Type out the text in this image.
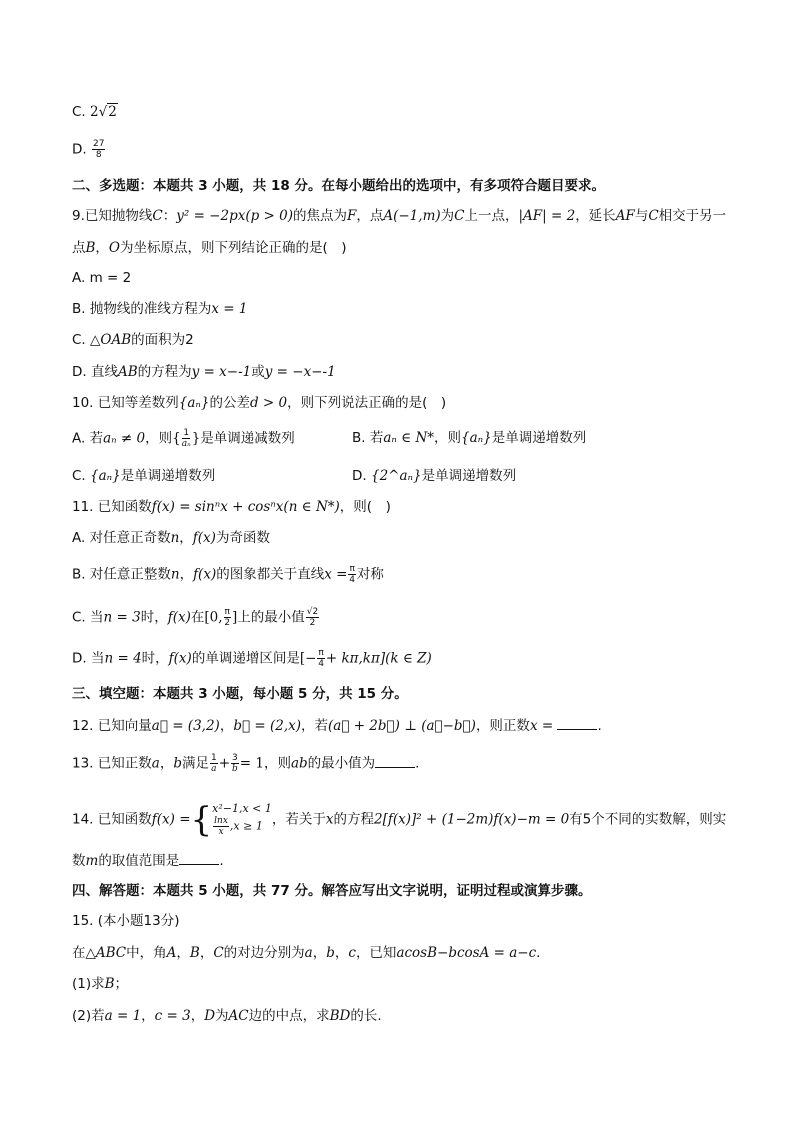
C. 2√2
D. $\frac{27}{8}$
二、多选题：本题共 3 小题，共 18 分。在每小题给出的选项中，有多项符合题目要求。
9.已知抛物线C：y² = −2px(p > 0)的焦点为F，点A(−1,m)为C上一点，|AF| = 2，延长AF与C相交于另一
点B，O为坐标原点，则下列结论正确的是(　)
A. m = 2
B. 抛物线的准线方程为x = 1
C. △OAB的面积为2
D. 直线AB的方程为y = x−-1或y = −x−-1
10. 已知等差数列{aₙ}的公差d > 0，则下列说法正确的是(　)
A. 若aₙ ≠ 0，则{ $\frac{1}{\text{aₙ}}$ }是单调递减数列	B. 若aₙ ∈ N*，则{aₙ}是单调递增数列
C. {aₙ}是单调递增数列	D. {2^aₙ}是单调递增数列
11. 已知函数f(x) = sinⁿx + cosⁿx(n ∈ N*)，则(　)
A. 对任意正奇数n，f(x)为奇函数
B. 对任意正整数n，f(x)的图象都关于直线$x = \frac{\pi}{4}$ 对称
C. 当n = 3时，f(x)在[0, $\frac{\pi}{2}$ ]上的最小值 $\frac{√2}{2}$
D. 当n = 4时，f(x)的单调递增区间是[− $\frac{\pi}{4} + k\pi,k\pi](k$ ∈ Z)
三、填空题：本题共 3 小题，每小题 5 分，共 15 分。
12. 已知向量a⃗ = (3,2)，b⃗ = (2,x)，若(a⃗ + 2b⃗) ⊥ (a⃗−b⃗)，则正数x =	.
13. 已知正数a，b满足 $\frac{1}{a} + \frac{3}{b} = 1$，则ab的最小值为	.
14. 已知函数f(x) = { x²−1,x < 1
$\frac{\ln x}{x} ,x \ge 1$ ，若关于x的方程2[f(x)]² + (1−2m)f(x)−m = 0有5个不同的实数解，则实
数m的取值范围是	.
四、解答题：本题共 5 小题，共 77 分。解答应写出文字说明，证明过程或演算步骤。
15. (本小题13分)
在△ABC中，角A，B，C的对边分别为a，b，c，已知acosB−bcosA = a−c.
(1)求B；
(2)若a = 1，c = 3，D为AC边的中点，求BD的长.
